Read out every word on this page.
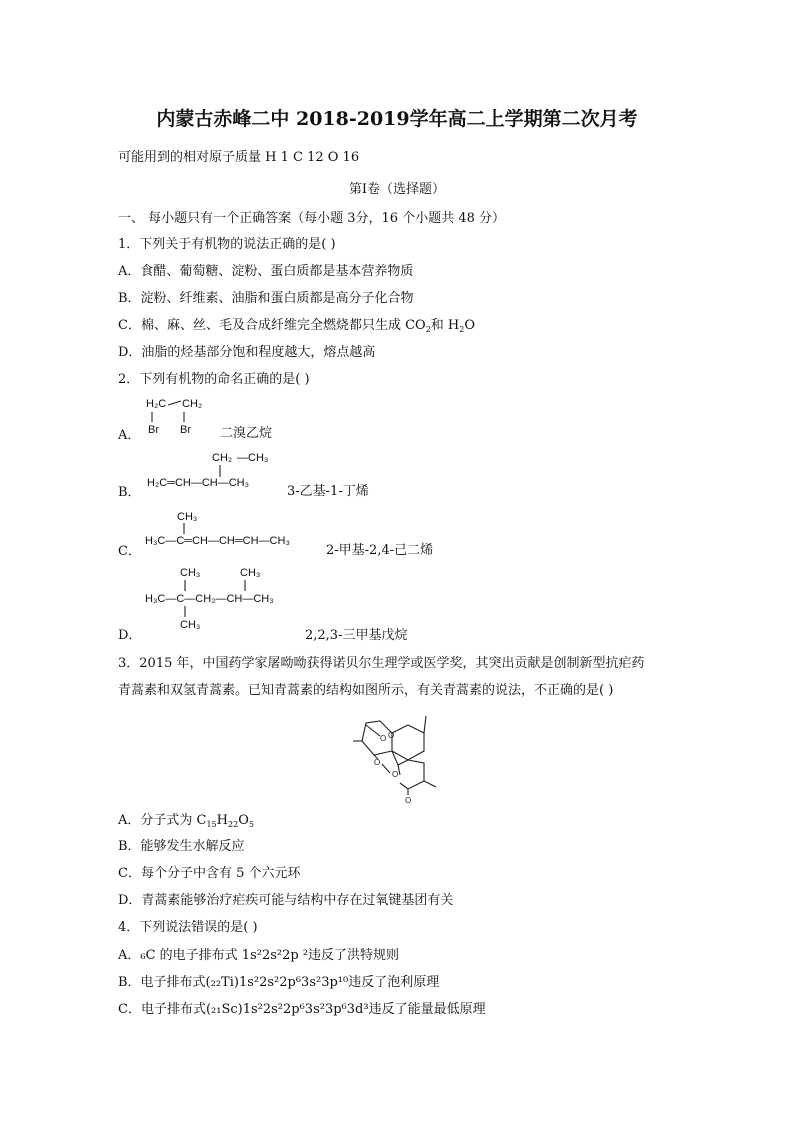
内蒙古赤峰二中 2018-2019学年高二上学期第二次月考
可能用到的相对原子质量 H 1 C 12 O 16
第Ⅰ卷（选择题）
一、 每小题只有一个正确答案（每小题 3分，16 个小题共 48 分）
1．下列关于有机物的说法正确的是( )
A．食醋、葡萄糖、淀粉、蛋白质都是基本营养物质
B．淀粉、纤维素、油脂和蛋白质都是高分子化合物
C．棉、麻、丝、毛及合成纤维完全燃烧都只生成 $CO_2$和 $H_2O$
D．油脂的烃基部分饱和程度越大，熔点越高
2．下列有机物的命名正确的是( )
H₂C CH₂
Br Br
A．	二溴乙烷
CH₂ —CH₃
H₂C═CH—CH—CH₃
B．	3-乙基-1-丁烯
CH₃
H₃C—C═CH—CH═CH—CH₃
C．	2-甲基-2,4-己二烯
CH₃	CH₃
H₃C—C—CH₂—CH—CH₃
CH₃
D．	2,2,3-三甲基戊烷
3．2015 年，中国药学家屠呦呦获得诺贝尔生理学或医学奖，其突出贡献是创制新型抗疟药
青蒿素和双氢青蒿素。已知青蒿素的结构如图所示，有关青蒿素的说法，不正确的是( )
O O
O
O
O
A．分子式为 $C_{15}H_{22}O_5$
B．能够发生水解反应
C．每个分子中含有 5 个六元环
D．青蒿素能够治疗疟疾可能与结构中存在过氧键基团有关
4．下列说法错误的是( )
A．₆C 的电子排布式 1s²2s²2p ²违反了洪特规则
B．电子排布式(₂₂Ti)1s²2s²2p⁶3s²3p¹⁰违反了泡利原理
C．电子排布式(₂₁Sc)1s²2s²2p⁶3s²3p⁶3d³违反了能量最低原理
